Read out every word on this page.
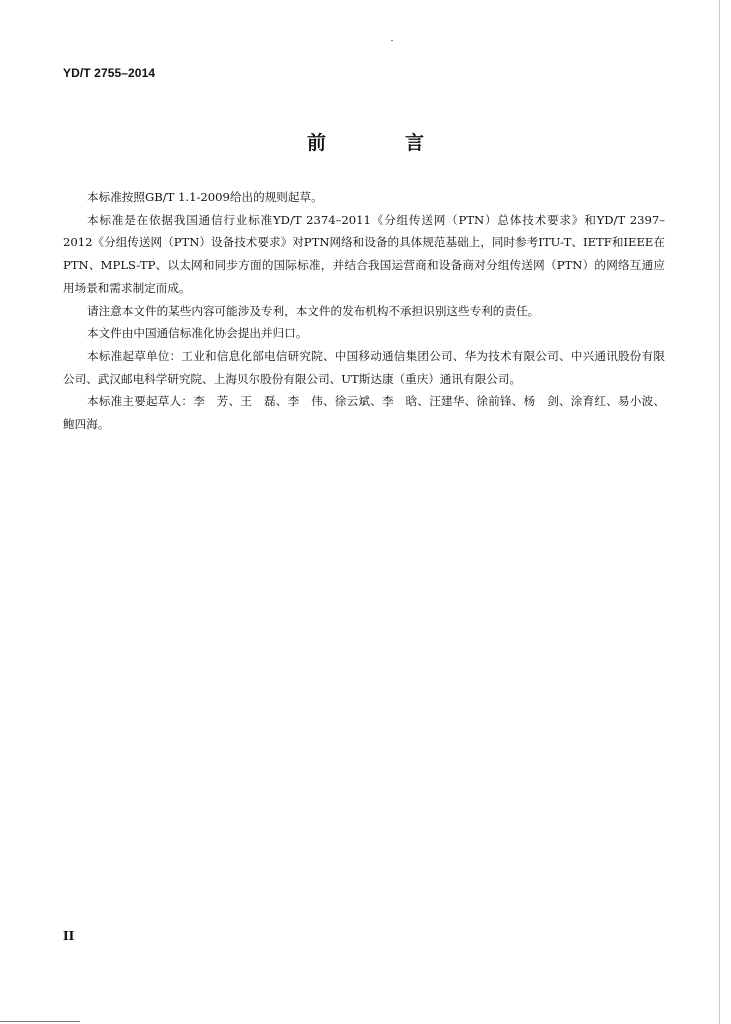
YD/T 2755–2014
前　言

本标准按照GB/T 1.1-2009给出的规则起草。

本标准是在依据我国通信行业标准YD/T 2374–2011《分组传送网（PTN）总体技术要求》和YD/T 2397–2012《分组传送网（PTN）设备技术要求》对PTN网络和设备的具体规范基础上，同时参考ITU-T、IETF和IEEE在PTN、MPLS-TP、以太网和同步方面的国际标准，并结合我国运营商和设备商对分组传送网（PTN）的网络互通应用场景和需求制定而成。

请注意本文件的某些内容可能涉及专利，本文件的发布机构不承担识别这些专利的责任。

本文件由中国通信标准化协会提出并归口。

本标准起草单位：工业和信息化部电信研究院、中国移动通信集团公司、华为技术有限公司、中兴通讯股份有限公司、武汉邮电科学研究院、上海贝尔股份有限公司、UT斯达康（重庆）通讯有限公司。

本标准主要起草人：李　芳、王　磊、李　伟、徐云斌、李　晗、汪建华、徐前锋、杨　剑、涂育红、易小波、鲍四海。

II
